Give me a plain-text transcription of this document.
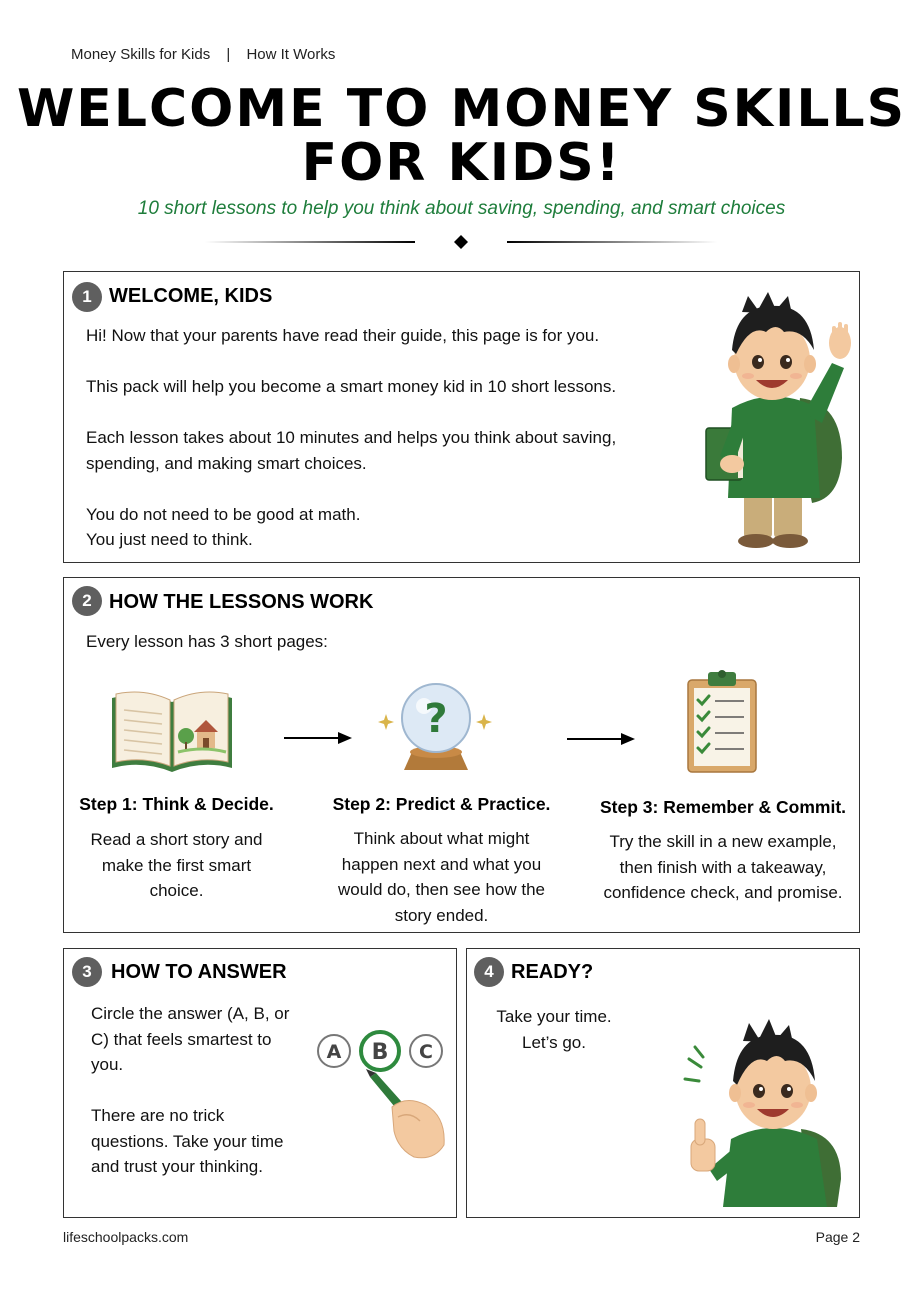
Money Skills for Kids | How It Works
WELCOME TO MONEY SKILLS
FOR KIDS!
10 short lessons to help you think about saving, spending, and smart choices
1 WELCOME, KIDS

Hi! Now that your parents have read their guide, this page is for you.

This pack will help you become a smart money kid in 10 short lessons.

Each lesson takes about 10 minutes and helps you think about saving,

spending, and making smart choices.

You do not need to be good at math.

You just need to think.

2 HOW THE LESSONS WORK
Every lesson has 3 short pages:
?
Step 1: Think & Decide.
Read a short story and
make the first smart
choice.
Step 2: Predict & Practice.
Think about what might
happen next and what you
would do, then see how the
story ended.
Step 3: Remember & Commit.
Try the skill in a new example,
then finish with a takeaway,
confidence check, and promise.
3 HOW TO ANSWER

Circle the answer (A, B, or

C) that feels smartest to

you.

There are no trick

questions. Take your time

and trust your thinking.

A B C
4 READY?

Take your time.

Let’s go.

lifeschoolpacks.com	Page 2
